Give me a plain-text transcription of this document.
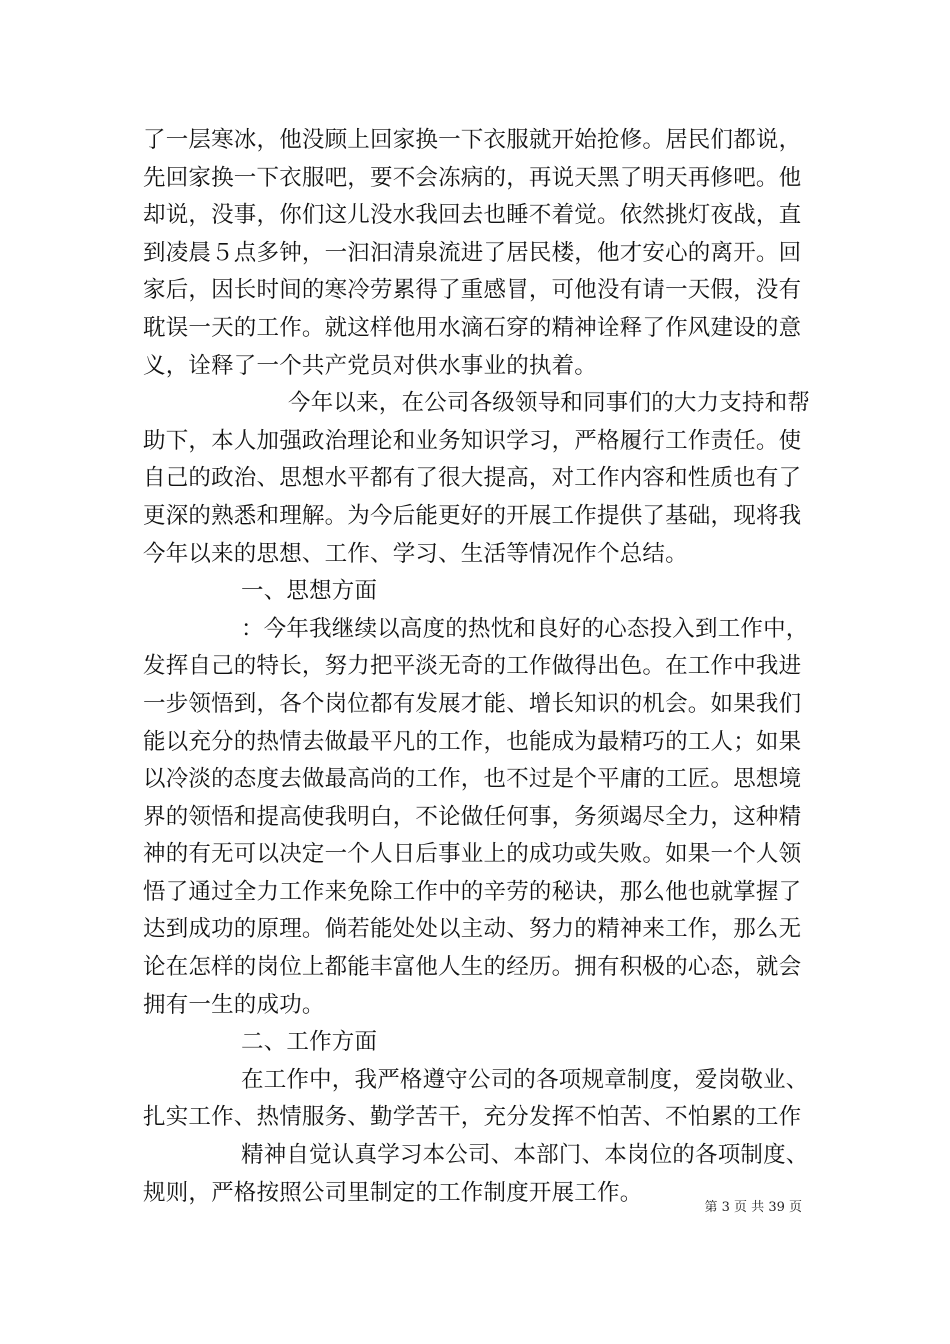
了一层寒冰，他没顾上回家换一下衣服就开始抢修。居民们都说，
先回家换一下衣服吧，要不会冻病的，再说天黑了明天再修吧。他
却说，没事，你们这儿没水我回去也睡不着觉。依然挑灯夜战，直
到凌晨５点多钟，一汩汩清泉流进了居民楼，他才安心的离开。回
家后，因长时间的寒冷劳累得了重感冒，可他没有请一天假，没有
耽误一天的工作。就这样他用水滴石穿的精神诠释了作风建设的意
义，诠释了一个共产党员对供水事业的执着。
今年以来，在公司各级领导和同事们的大力支持和帮
助下，本人加强政治理论和业务知识学习，严格履行工作责任。使
自己的政治、思想水平都有了很大提高，对工作内容和性质也有了
更深的熟悉和理解。为今后能更好的开展工作提供了基础，现将我
今年以来的思想、工作、学习、生活等情况作个总结。
一、思想方面
：今年我继续以高度的热忱和良好的心态投入到工作中，
发挥自己的特长，努力把平淡无奇的工作做得出色。在工作中我进
一步领悟到，各个岗位都有发展才能、增长知识的机会。如果我们
能以充分的热情去做最平凡的工作，也能成为最精巧的工人；如果
以冷淡的态度去做最高尚的工作，也不过是个平庸的工匠。思想境
界的领悟和提高使我明白，不论做任何事，务须竭尽全力，这种精
神的有无可以决定一个人日后事业上的成功或失败。如果一个人领
悟了通过全力工作来免除工作中的辛劳的秘诀，那么他也就掌握了
达到成功的原理。倘若能处处以主动、努力的精神来工作，那么无
论在怎样的岗位上都能丰富他人生的经历。拥有积极的心态，就会
拥有一生的成功。
二、工作方面
在工作中，我严格遵守公司的各项规章制度，爱岗敬业、
扎实工作、热情服务、勤学苦干，充分发挥不怕苦、不怕累的工作
精神自觉认真学习本公司、本部门、本岗位的各项制度、
规则，严格按照公司里制定的工作制度开展工作。
第 3 页 共 39 页
